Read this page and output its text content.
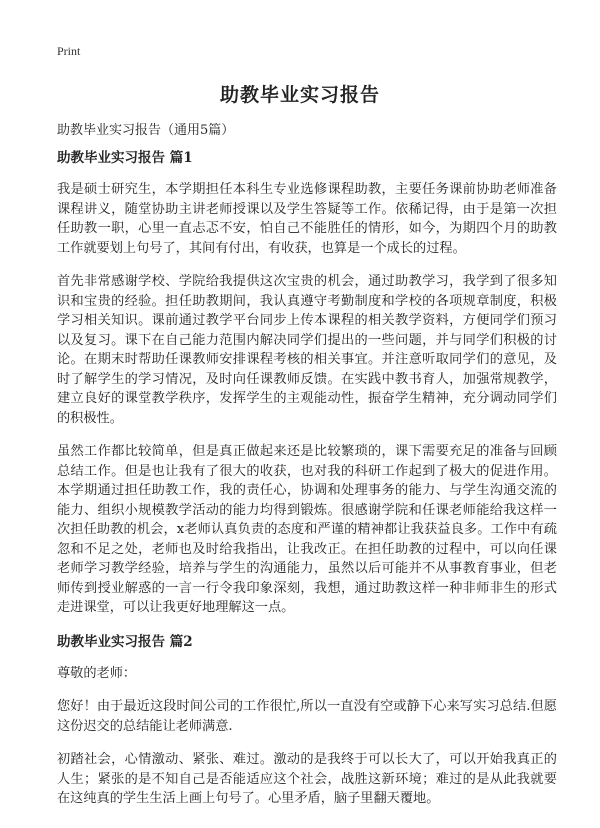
Print
助教毕业实习报告
助教毕业实习报告（通用5篇）
助教毕业实习报告 篇1

我是硕士研究生，本学期担任本科生专业选修课程助教，主要任务课前协助老师准备课程讲义，随堂协助主讲老师授课以及学生答疑等工作。依稀记得，由于是第一次担任助教一职，心里一直忐忑不安，怕自己不能胜任的情形，如今，为期四个月的助教工作就要划上句号了，其间有付出，有收获，也算是一个成长的过程。

首先非常感谢学校、学院给我提供这次宝贵的机会，通过助教学习，我学到了很多知识和宝贵的经验。担任助教期间，我认真遵守考勤制度和学校的各项规章制度，积极学习相关知识。课前通过教学平台同步上传本课程的相关教学资料，方便同学们预习以及复习。课下在自己能力范围内解决同学们提出的一些问题，并与同学们积极的讨论。在期末时帮助任课教师安排课程考核的相关事宜。并注意听取同学们的意见，及时了解学生的学习情况，及时向任课教师反馈。在实践中教书育人，加强常规教学，建立良好的课堂教学秩序，发挥学生的主观能动性，振奋学生精神，充分调动同学们的积极性。

虽然工作都比较简单，但是真正做起来还是比较繁琐的，课下需要充足的准备与回顾总结工作。但是也让我有了很大的收获，也对我的科研工作起到了极大的促进作用。本学期通过担任助教工作，我的责任心，协调和处理事务的能力、与学生沟通交流的能力、组织小规模教学活动的能力均得到锻炼。很感谢学院和任课老师能给我这样一次担任助教的机会，x老师认真负责的态度和严谨的精神都让我获益良多。工作中有疏忽和不足之处，老师也及时给我指出，让我改正。在担任助教的过程中，可以向任课老师学习教学经验，培养与学生的沟通能力，虽然以后可能并不从事教育事业，但老师传到授业解惑的一言一行令我印象深刻，我想，通过助教这样一种非师非生的形式走进课堂，可以让我更好地理解这一点。

助教毕业实习报告 篇2

尊敬的老师：

您好！由于最近这段时间公司的工作很忙,所以一直没有空或静下心来写实习总结.但愿这份迟交的总结能让老师满意.

初踏社会，心情激动、紧张、难过。激动的是我终于可以长大了，可以开始我真正的人生；紧张的是不知自己是否能适应这个社会，战胜这新环境；难过的是从此我就要在这纯真的学生生活上画上句号了。心里矛盾，脑子里翻天覆地。
